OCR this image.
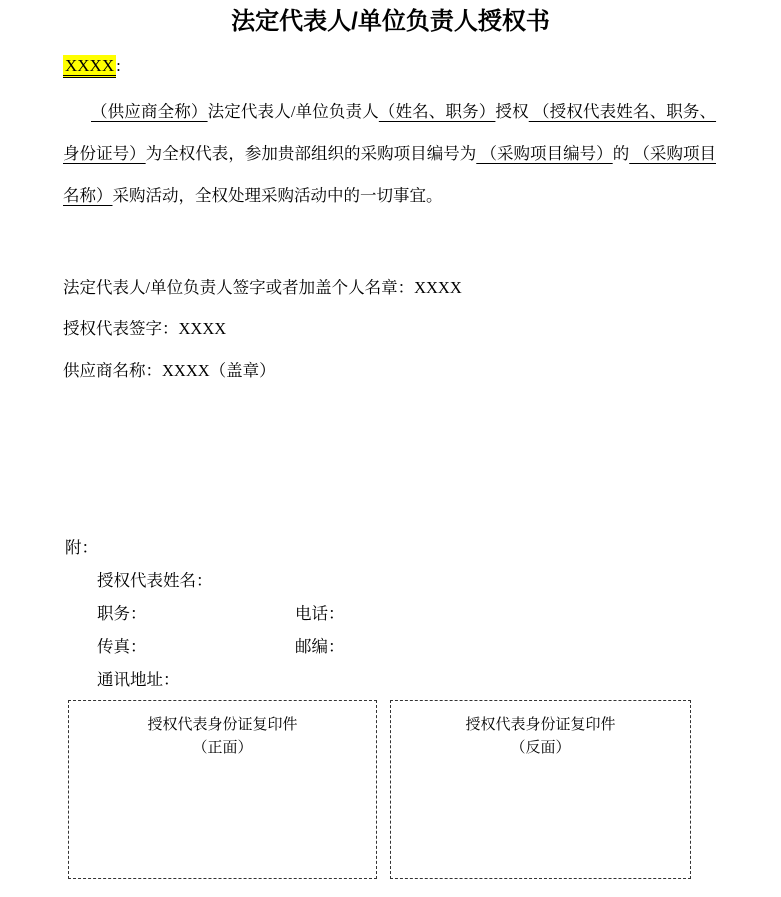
法定代表人/单位负责人授权书
XXXX :
（供应商全称）法定代表人/单位负责人（姓名、职务）授权 （授权代表姓名、职务、身份证号）为全权代表，参加贵部组织的采购项目编号为 （采购项目编号）的 （采购项目名称）采购活动，全权处理采购活动中的一切事宜。
法定代表人/单位负责人签字或者加盖个人名章：XXXX
授权代表签字：XXXX
供应商名称：XXXX（盖章）
附：
授权代表姓名：
职务：	电话：
传真：	邮编：
通讯地址：
授权代表身份证复印件
（正面）
授权代表身份证复印件
（反面）
